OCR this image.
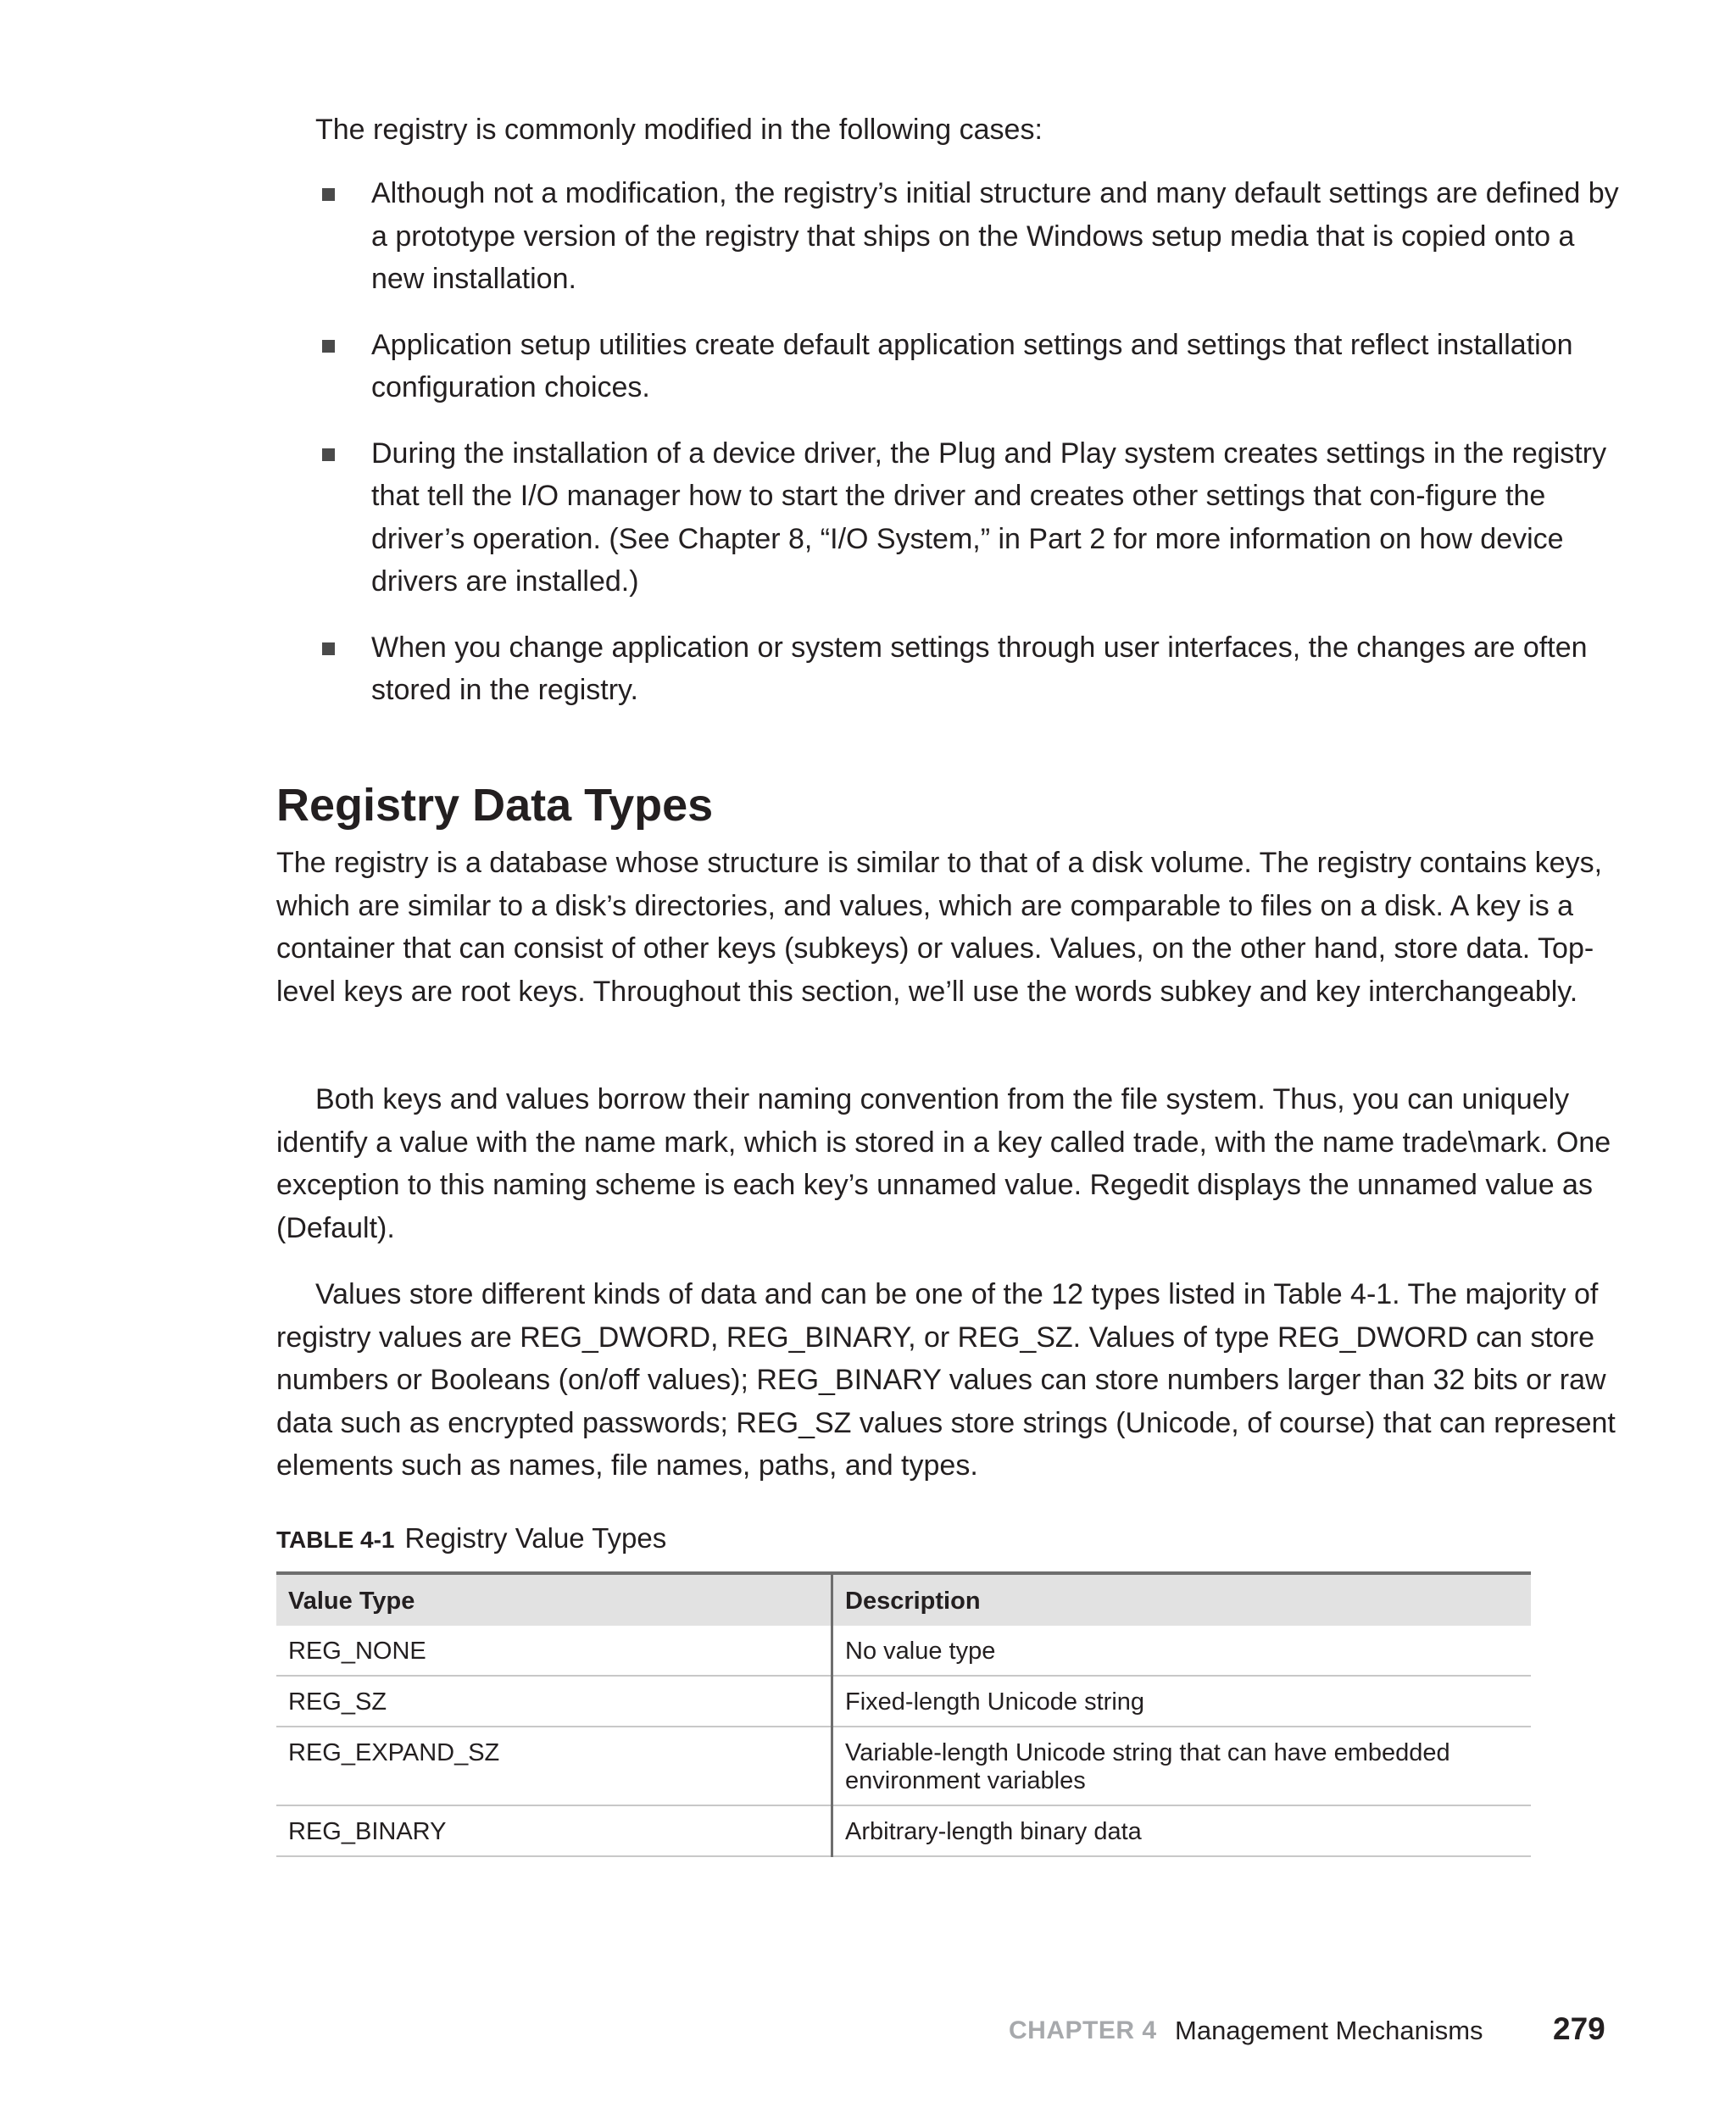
The registry is commonly modified in the following cases:

Although not a modification, the registry’s initial structure and many default settings are defined by a prototype version of the registry that ships on the Windows setup media that is copied onto a new installation.
Application setup utilities create default application settings and settings that reflect installation configuration choices.
During the installation of a device driver, the Plug and Play system creates settings in the registry that tell the I/O manager how to start the driver and creates other settings that con-figure the driver’s operation. (See Chapter 8, “I/O System,” in Part 2 for more information on how device drivers are installed.)
When you change application or system settings through user interfaces, the changes are often stored in the registry.
Registry Data Types

The registry is a database whose structure is similar to that of a disk volume. The registry contains keys, which are similar to a disk’s directories, and values, which are comparable to files on a disk. A key is a container that can consist of other keys (subkeys) or values. Values, on the other hand, store data. Top-level keys are root keys. Throughout this section, we’ll use the words subkey and key interchangeably.

Both keys and values borrow their naming convention from the file system. Thus, you can uniquely identify a value with the name mark, which is stored in a key called trade, with the name trade\mark. One exception to this naming scheme is each key’s unnamed value. Regedit displays the unnamed value as (Default).

Values store different kinds of data and can be one of the 12 types listed in Table 4-1. The majority of registry values are REG_DWORD, REG_BINARY, or REG_SZ. Values of type REG_DWORD can store numbers or Booleans (on/off values); REG_BINARY values can store numbers larger than 32 bits or raw data such as encrypted passwords; REG_SZ values store strings (Unicode, of course) that can represent elements such as names, file names, paths, and types.

TABLE 4-1 Registry Value Types

Value Type	Description
REG_NONE	No value type
REG_SZ	Fixed-length Unicode string
REG_EXPAND_SZ	Variable-length Unicode string that can have embedded environment variables
REG_BINARY	Arbitrary-length binary data
CHAPTER 4 Management Mechanisms 279
